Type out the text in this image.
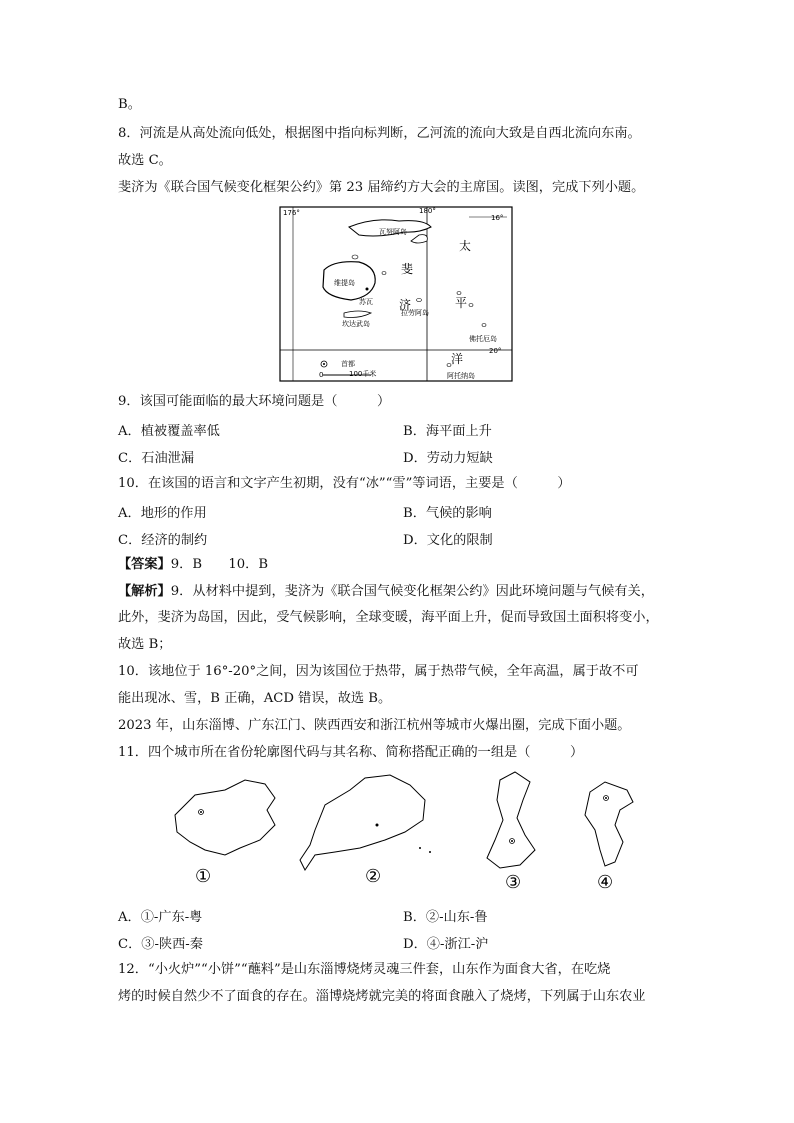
B。
8．河流是从高处流向低处，根据图中指向标判断，乙河流的流向大致是自西北流向东南。
故选 C。
斐济为《联合国气候变化框架公约》第 23 届缔约方大会的主席国。读图，完成下列小题。
176°	180°
16°
20°
瓦努阿岛
维提岛
苏瓦
坎达武岛
拉劳阿岛
佛托厄岛
阿托纳岛
斐
济
太
平
洋
首都
0	100千米
9．该国可能面临的最大环境问题是（　　　）
A．植被覆盖率低	B．海平面上升
C．石油泄漏	D．劳动力短缺
10．在该国的语言和文字产生初期，没有“冰”“雪”等词语，主要是（　　　）
A．地形的作用	B．气候的影响
C．经济的制约	D．文化的限制
【答案】9．B　　10．B
【解析】9．从材料中提到，斐济为《联合国气候变化框架公约》因此环境问题与气候有关，
此外，斐济为岛国，因此，受气候影响，全球变暖，海平面上升，促而导致国土面积将变小，
故选 B；
10．该地位于 16°-20°之间，因为该国位于热带，属于热带气候，全年高温，属于故不可
能出现冰、雪，B 正确，ACD 错误，故选 B。
2023 年，山东淄博、广东江门、陕西西安和浙江杭州等城市火爆出圈，完成下面小题。
11．四个城市所在省份轮廓图代码与其名称、简称搭配正确的一组是（　　　）
①	②	③	④
A．①-广东-粤	B．②-山东-鲁
C．③-陕西-秦	D．④-浙江-沪
12．“小火炉”“小饼”“蘸料”是山东淄博烧烤灵魂三件套，山东作为面食大省，在吃烧
烤的时候自然少不了面食的存在。淄博烧烤就完美的将面食融入了烧烤，下列属于山东农业
